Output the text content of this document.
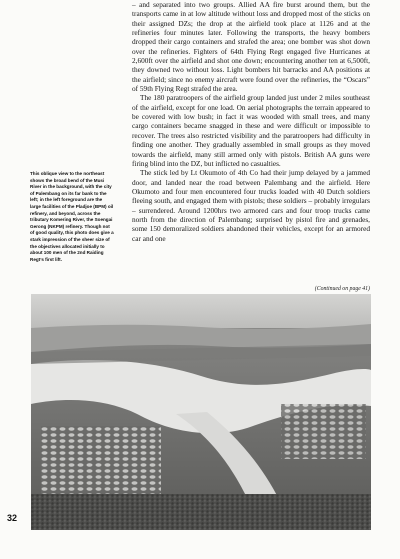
This oblique view to the northeast shows the broad bend of the Musi River in the background, with the city of Palembang on its far bank to the left; in the left foreground are the large facilities of the Pladjoe (BPM) oil refinery, and beyond, across the tributary Komering River, the Soengai Gerong (NKPM) refinery. Though not of good quality, this photo does give a stark impression of the sheer size of the objectives allocated initially to about 100 men of the 2nd Raiding Regt’s first lift.

– and separated into two groups. Allied AA fire burst around them, but the transports came in at low altitude without loss and dropped most of the sticks on their assigned DZs; the drop at the airfield took place at 1126 and at the refineries four minutes later. Following the transports, the heavy bombers dropped their cargo containers and strafed the area; one bomber was shot down over the refineries. Fighters of 64th Flying Regt engaged five Hurricanes at 2,600ft over the airfield and shot one down; encountering another ten at 6,500ft, they downed two without loss. Light bombers hit barracks and AA positions at the airfield; since no enemy aircraft were found over the refineries, the “Oscars” of 59th Flying Regt strafed the area.

The 180 paratroopers of the airfield group landed just under 2 miles southeast of the airfield, except for one load. On aerial photographs the terrain appeared to be covered with low bush; in fact it was wooded with small trees, and many cargo containers became snagged in these and were difficult or impossible to recover. The trees also restricted visibility and the paratroopers had difficulty in finding one another. They gradually assembled in small groups as they moved towards the airfield, many still armed only with pistols. British AA guns were firing blind into the DZ, but inflicted no casualties.

The stick led by Lt Okumoto of 4th Co had their jump delayed by a jammed door, and landed near the road between Palembang and the airfield. Here Okumoto and four men encountered four trucks loaded with 40 Dutch soldiers fleeing south, and engaged them with pistols; these soldiers – probably irregulars – surrendered. Around 1200hrs two armored cars and four troop trucks came north from the direction of Palembang; surprised by pistol fire and grenades, some 150 demoralized soldiers abandoned their vehicles, except for an armored car and one

(Continued on page 41)
32
